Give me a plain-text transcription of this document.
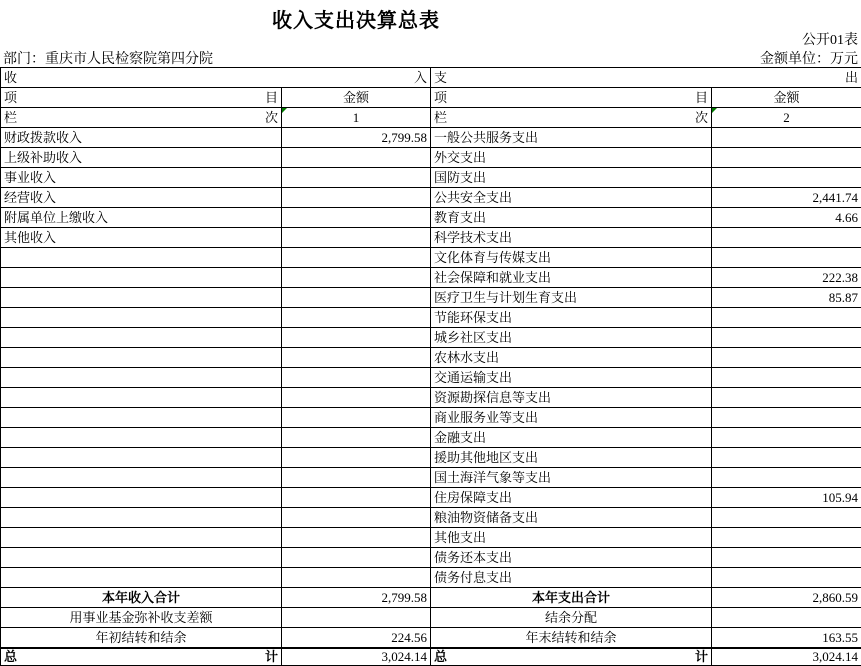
收入支出决算总表
公开01表
部门：重庆市人民检察院第四分院	金额单位：万元
收 入		支 出	

项 目	金额	项 目	金额

栏 次	1	栏 次	2
财政拨款收入	2,799.58	一般公共服务支出	
上级补助收入		外交支出	
事业收入		国防支出	
经营收入		公共安全支出	2,441.74
附属单位上缴收入		教育支出	4.66
其他收入		科学技术支出	
		文化体育与传媒支出	
		社会保障和就业支出	222.38
		医疗卫生与计划生育支出	85.87
		节能环保支出	
		城乡社区支出	
		农林水支出	
		交通运输支出	
		资源勘探信息等支出	
		商业服务业等支出	
		金融支出	
		援助其他地区支出	
		国土海洋气象等支出	
		住房保障支出	105.94
		粮油物资储备支出	
		其他支出	
		债务还本支出	
		债务付息支出	
本年收入合计	2,799.58	本年支出合计	2,860.59
用事业基金弥补收支差额		结余分配	
年初结转和结余	224.56	年末结转和结余	163.55

总 计	3,024.14	总 计	3,024.14
